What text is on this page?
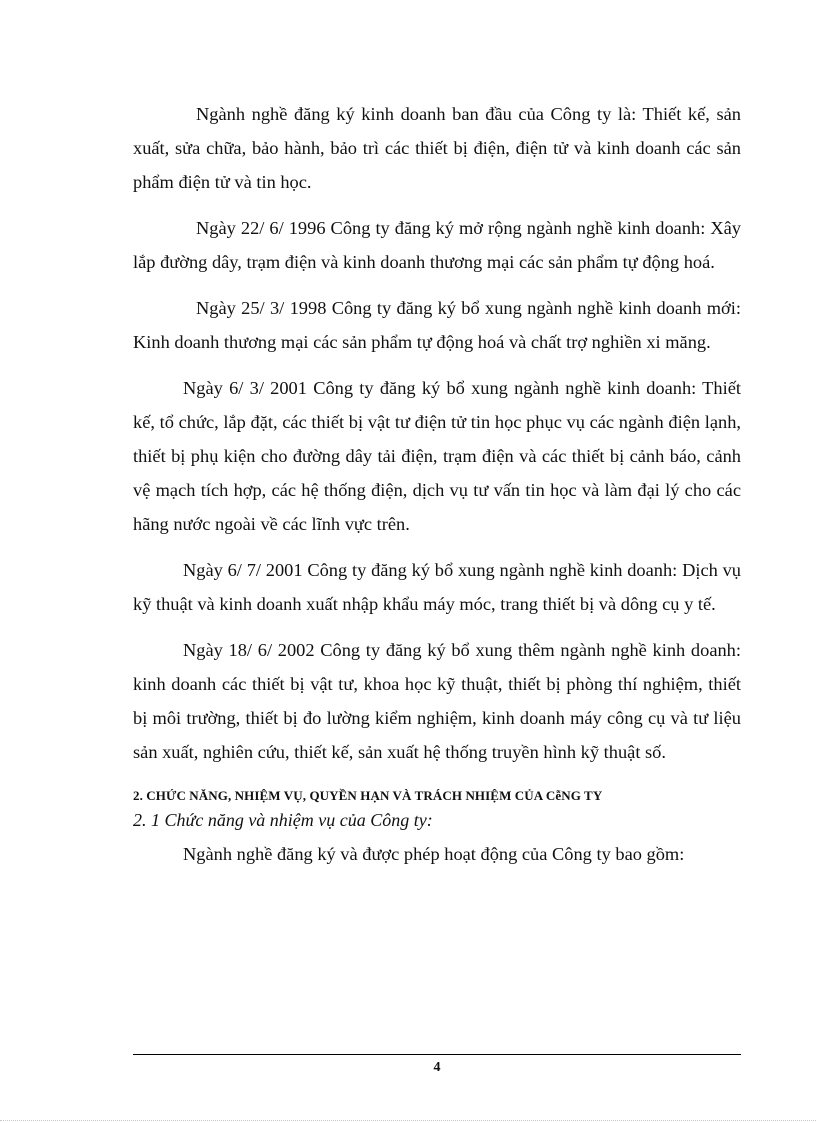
Ngành nghề đăng ký kinh doanh ban đầu của Công ty là: Thiết kế, sản xuất, sửa chữa, bảo hành, bảo trì các thiết bị điện, điện tử và kinh doanh các sản phẩm điện tử và tin học.

Ngày 22/ 6/ 1996 Công ty đăng ký mở rộng ngành nghề kinh doanh: Xây lắp đường dây, trạm điện và kinh doanh thương mại các sản phẩm tự động hoá.

Ngày 25/ 3/ 1998 Công ty đăng ký bổ xung ngành nghề kinh doanh mới: Kinh doanh thương mại các sản phẩm tự động hoá và chất trợ nghiền xi măng.

Ngày 6/ 3/ 2001 Công ty đăng ký bổ xung ngành nghề kinh doanh: Thiết kế, tổ chức, lắp đặt, các thiết bị vật tư điện tử tin học phục vụ các ngành điện lạnh, thiết bị phụ kiện cho đường dây tải điện, trạm điện và các thiết bị cảnh báo, cảnh vệ mạch tích hợp, các hệ thống điện, dịch vụ tư vấn tin học và làm đại lý cho các hãng nước ngoài về các lĩnh vực trên.

Ngày 6/ 7/ 2001 Công ty đăng ký bổ xung ngành nghề kinh doanh: Dịch vụ kỹ thuật và kinh doanh xuất nhập khẩu máy móc, trang thiết bị và dông cụ y tế.

Ngày 18/ 6/ 2002 Công ty đăng ký bổ xung thêm ngành nghề kinh doanh: kinh doanh các thiết bị vật tư, khoa học kỹ thuật, thiết bị phòng thí nghiệm, thiết bị môi trường, thiết bị đo lường kiểm nghiệm, kinh doanh máy công cụ và tư liệu sản xuất, nghiên cứu, thiết kế, sản xuất hệ thống truyền hình kỹ thuật số.

2. CHỨC NĂNG, NHIỆM VỤ, QUYỀN HẠN VÀ TRÁCH NHIỆM CỦA CễNG TY
2. 1 Chức năng và nhiệm vụ của Công ty:

Ngành nghề đăng ký và được phép hoạt động của Công ty bao gồm:

4
